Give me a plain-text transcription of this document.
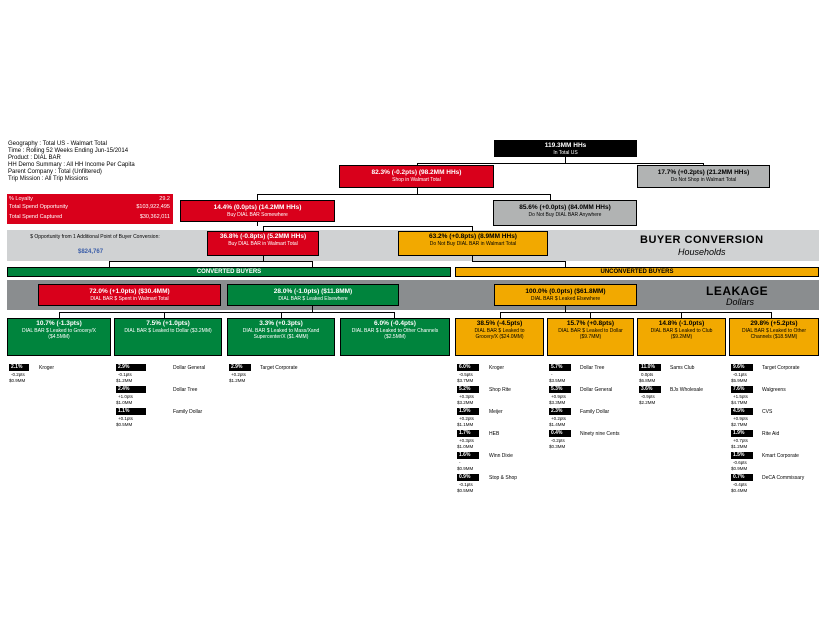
Geography : Total US - Walmart Total
Time : Rolling 52 Weeks Ending Jun-15/2014
Product : DIAL BAR
HH Demo Summary : All HH Income Per Capita
Parent Company : Total (Unfiltered)
Trip Mission : All Trip Missions
% Loyalty	29.2
Total Spend Opportunity	$103,922,495
Total Spend Captured	$30,362,011
$ Opportunity from 1 Additional Point of Buyer Conversion:
$824,767
BUYER CONVERSION
Households
LEAKAGE
Dollars
119.3MM HHs
In Total US
82.3% (-0.2pts) (98.2MM HHs)
Shop in Walmart Total
17.7% (+0.2pts) (21.2MM HHs)
Do Not Shop in Walmart Total
14.4% (0.0pts) (14.2MM HHs)
Buy DIAL BAR Somewhere
85.6% (+0.0pts) (84.0MM HHs)
Do Not Buy DIAL BAR Anywhere
36.8% (-0.8pts) (5.2MM HHs)
Buy DIAL BAR in Walmart Total
63.2% (+0.8pts) (8.9MM HHs)
Do Not Buy DIAL BAR in Walmart Total
CONVERTED BUYERS	UNCONVERTED BUYERS
72.0% (+1.0pts) ($30.4MM)
DIAL BAR $ Spent in Walmart Total
28.0% (-1.0pts) ($11.8MM)
DIAL BAR $ Leaked Elsewhere
100.0% (0.0pts) ($61.8MM)
DIAL BAR $ Leaked Elsewhere
10.7% (-1.3pts)
DIAL BAR $ Leaked to Grocery/X
($4.5MM)
7.5% (+1.0pts)
DIAL BAR $ Leaked to Dollar ($3.2MM)
3.3% (+0.3pts)
DIAL BAR $ Leaked to Mass/Xand
Supercenter/X ($1.4MM)
6.0% (-0.4pts)
DIAL BAR $ Leaked to Other Channels
($2.5MM)
38.5% (-4.5pts)
DIAL BAR $ Leaked to
Grocery/X ($24.0MM)
15.7% (+0.8pts)
DIAL BAR $ Leaked to Dollar
($9.7MM)
14.8% (-1.0pts)
DIAL BAR $ Leaked to Club
($9.2MM)
29.8% (+5.2pts)
DIAL BAR $ Leaked to Other
Channels ($18.5MM)
2.1%	Kroger
-0.2pts
$0.9MM
2.9%	Dollar General
-0.1pts
$1.2MM
2.4%	Dollar Tree
+1.0pts
$1.0MM
1.1%	Family Dollar
+0.1pts
$0.5MM
2.9%	Target Corporate
+0.2pts
$1.2MM
6.0%	Kroger
-0.5pts
$3.7MM
5.2%	Shop Rite
+0.3pts
$3.2MM
1.9%	Meijer
+0.2pts
$1.1MM
1.7%	HEB
+0.3pts
$1.0MM
1.6%	Winn Dixie
-
$0.9MM
0.9%	Stop & Shop
-0.1pts
$0.5MM
5.7%	Dollar Tree
-
$3.5MM
5.3%	Dollar General
+0.9pts
$3.3MM
2.3%	Family Dollar
+0.2pts
$1.4MM
0.4%	Ninety nine Cents
-0.2pts
$0.3MM
11.0%	Sams Club
0.0pts
$6.8MM
3.6%	BJs Wholesale
-0.9pts
$2.2MM
9.6%	Target Corporate
-0.1pts
$5.9MM
7.6%	Walgreens
+1.5pts
$4.7MM
4.5%	CVS
+0.9pts
$2.7MM
1.9%	Rite Aid
+0.7pts
$1.2MM
1.5%	Kmart Corporate
-0.6pts
$0.9MM
0.7%	DeCA Commissary
-0.4pts
$0.4MM
